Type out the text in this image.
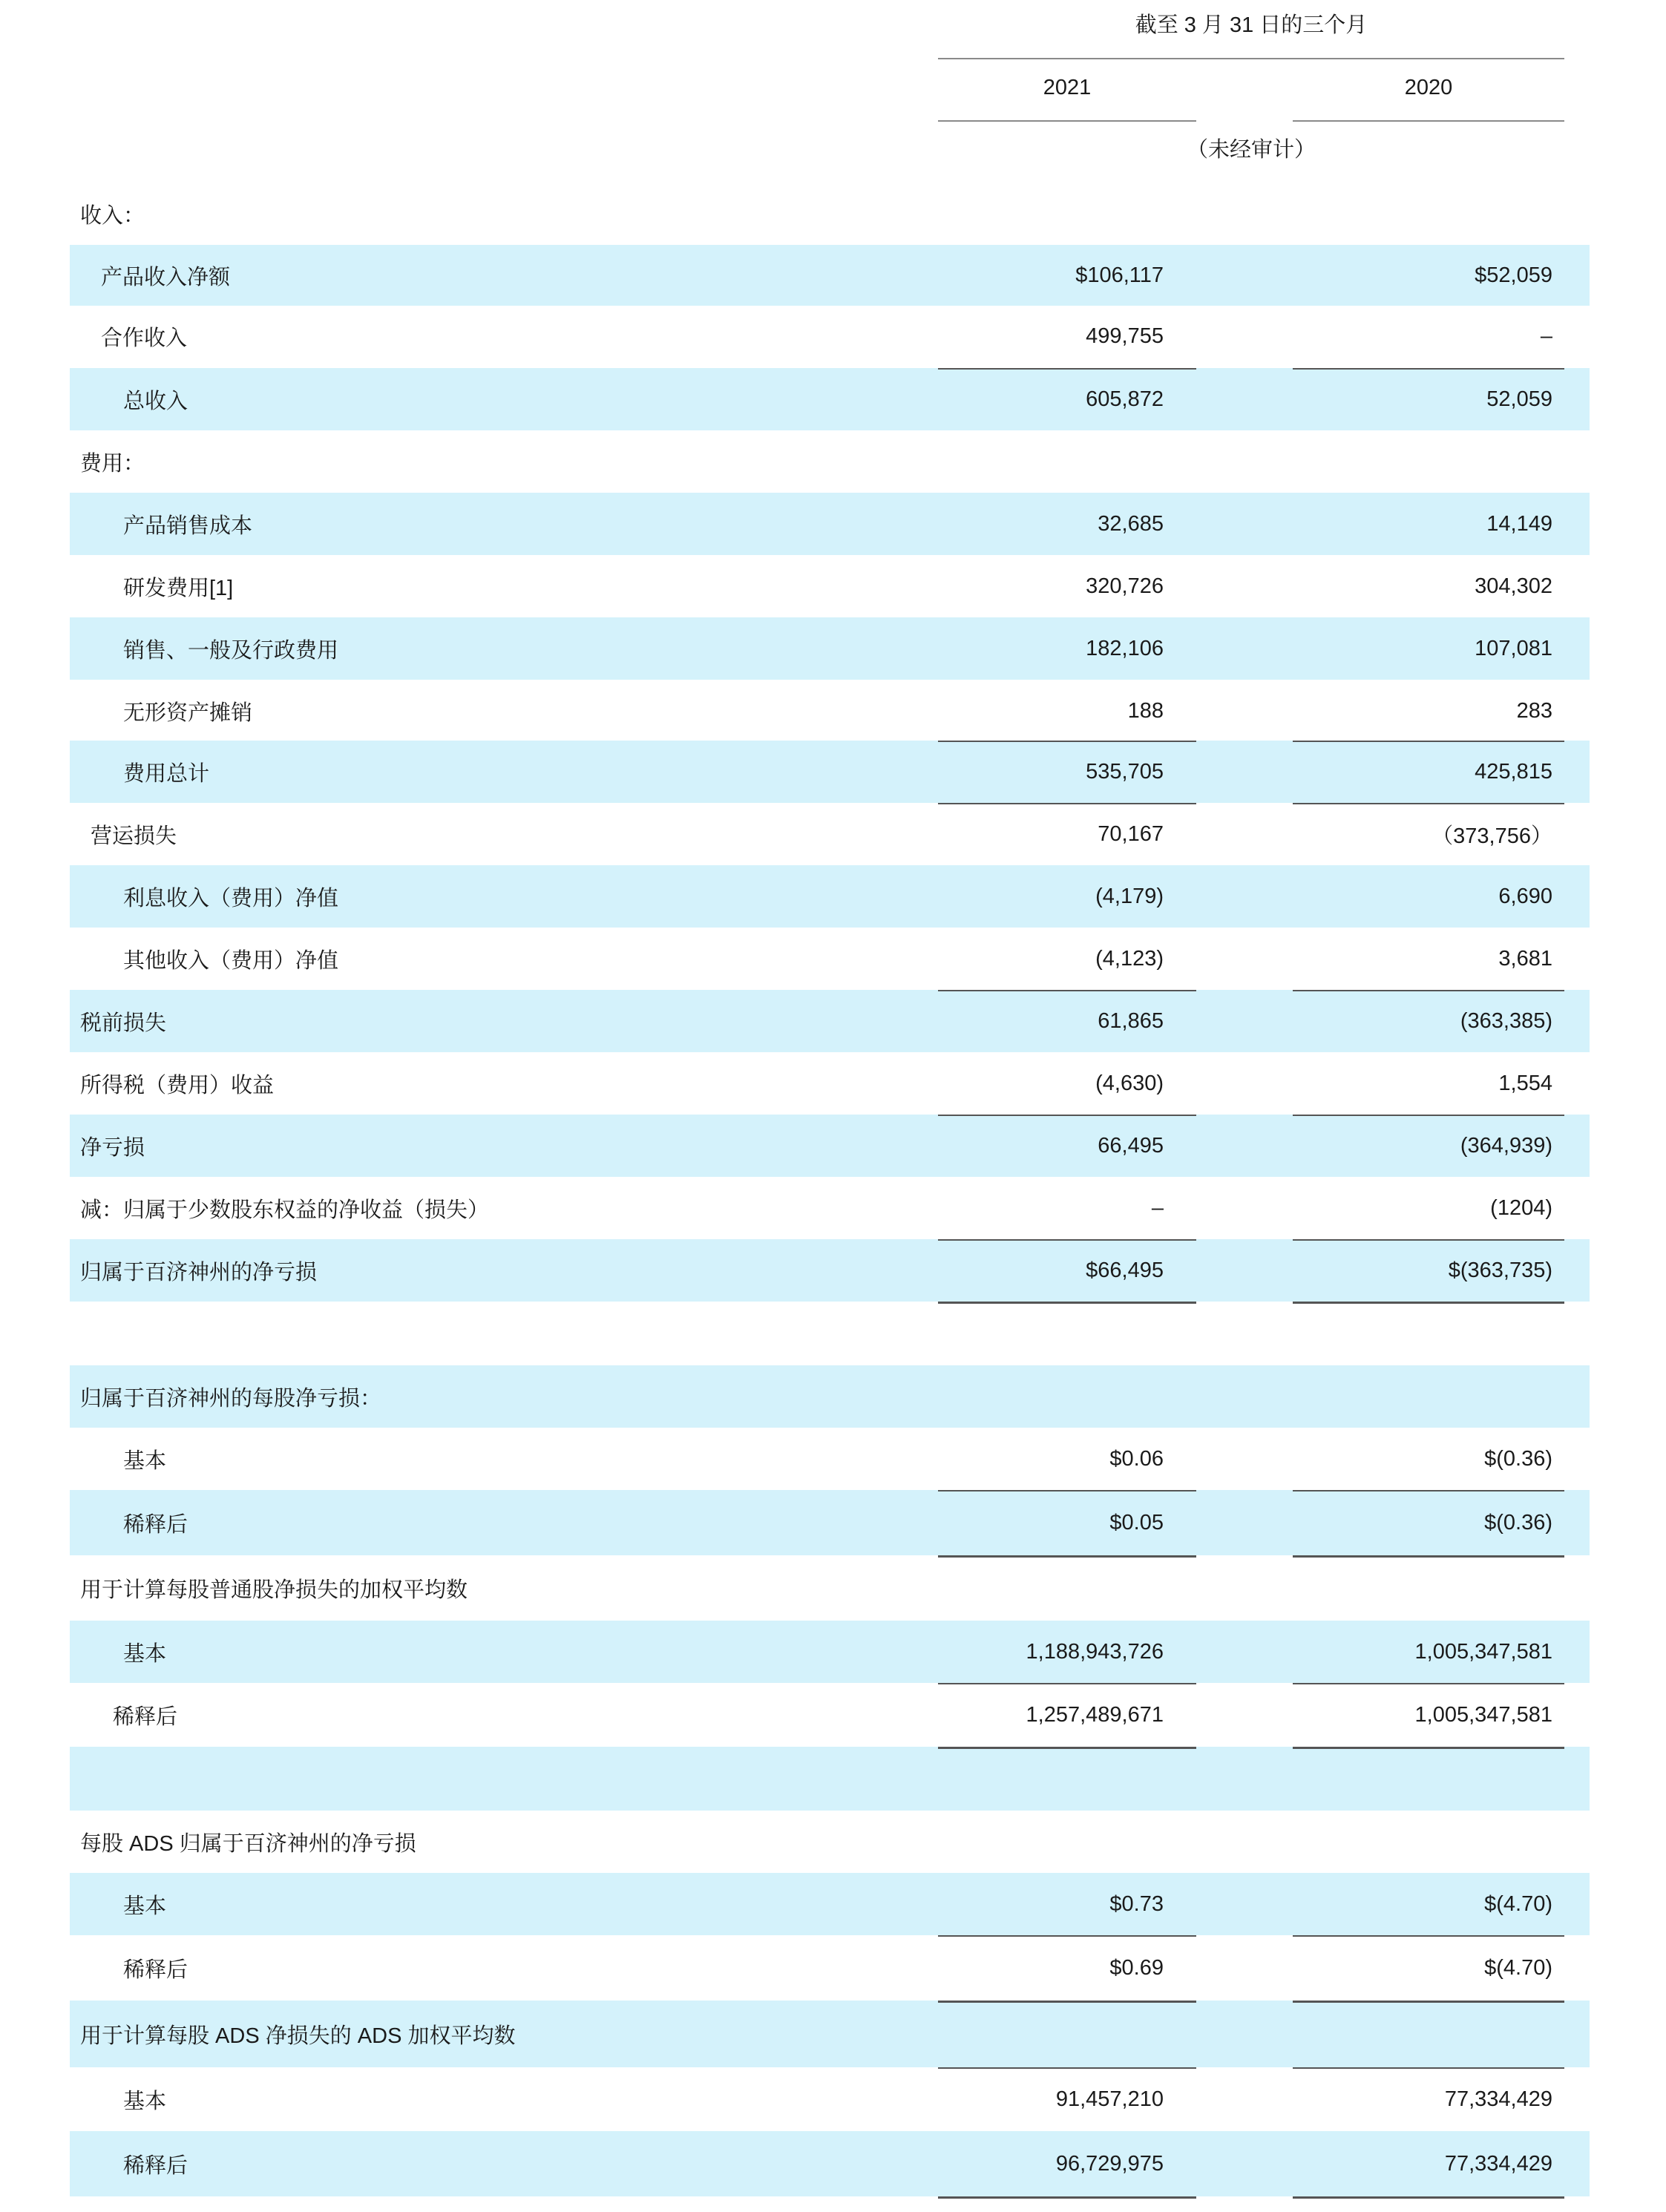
截至 3 月 31 日的三个月
2021	2020
（未经审计）
收入：
产品收入净额	$106,117	$52,059
合作收入	499,755	–
总收入	605,872	52,059
费用：
产品销售成本	32,685	14,149
研发费用[1]	320,726	304,302
销售、一般及行政费用	182,106	107,081
无形资产摊销	188	283
费用总计	535,705	425,815
营运损失	70,167	（373,756）
利息收入（费用）净值	(4,179)	6,690
其他收入（费用）净值	(4,123)	3,681
税前损失	61,865	(363,385)
所得税（费用）收益	(4,630)	1,554
净亏损	66,495	(364,939)
减：归属于少数股东权益的净收益（损失）	–	(1204)
归属于百济神州的净亏损	$66,495	$(363,735)
归属于百济神州的每股净亏损：
基本	$0.06	$(0.36)
稀释后	$0.05	$(0.36)
用于计算每股普通股净损失的加权平均数
基本	1,188,943,726	1,005,347,581
稀释后	1,257,489,671	1,005,347,581
每股 ADS 归属于百济神州的净亏损
基本	$0.73	$(4.70)
稀释后	$0.69	$(4.70)
用于计算每股 ADS 净损失的 ADS 加权平均数
基本	91,457,210	77,334,429
稀释后	96,729,975	77,334,429
